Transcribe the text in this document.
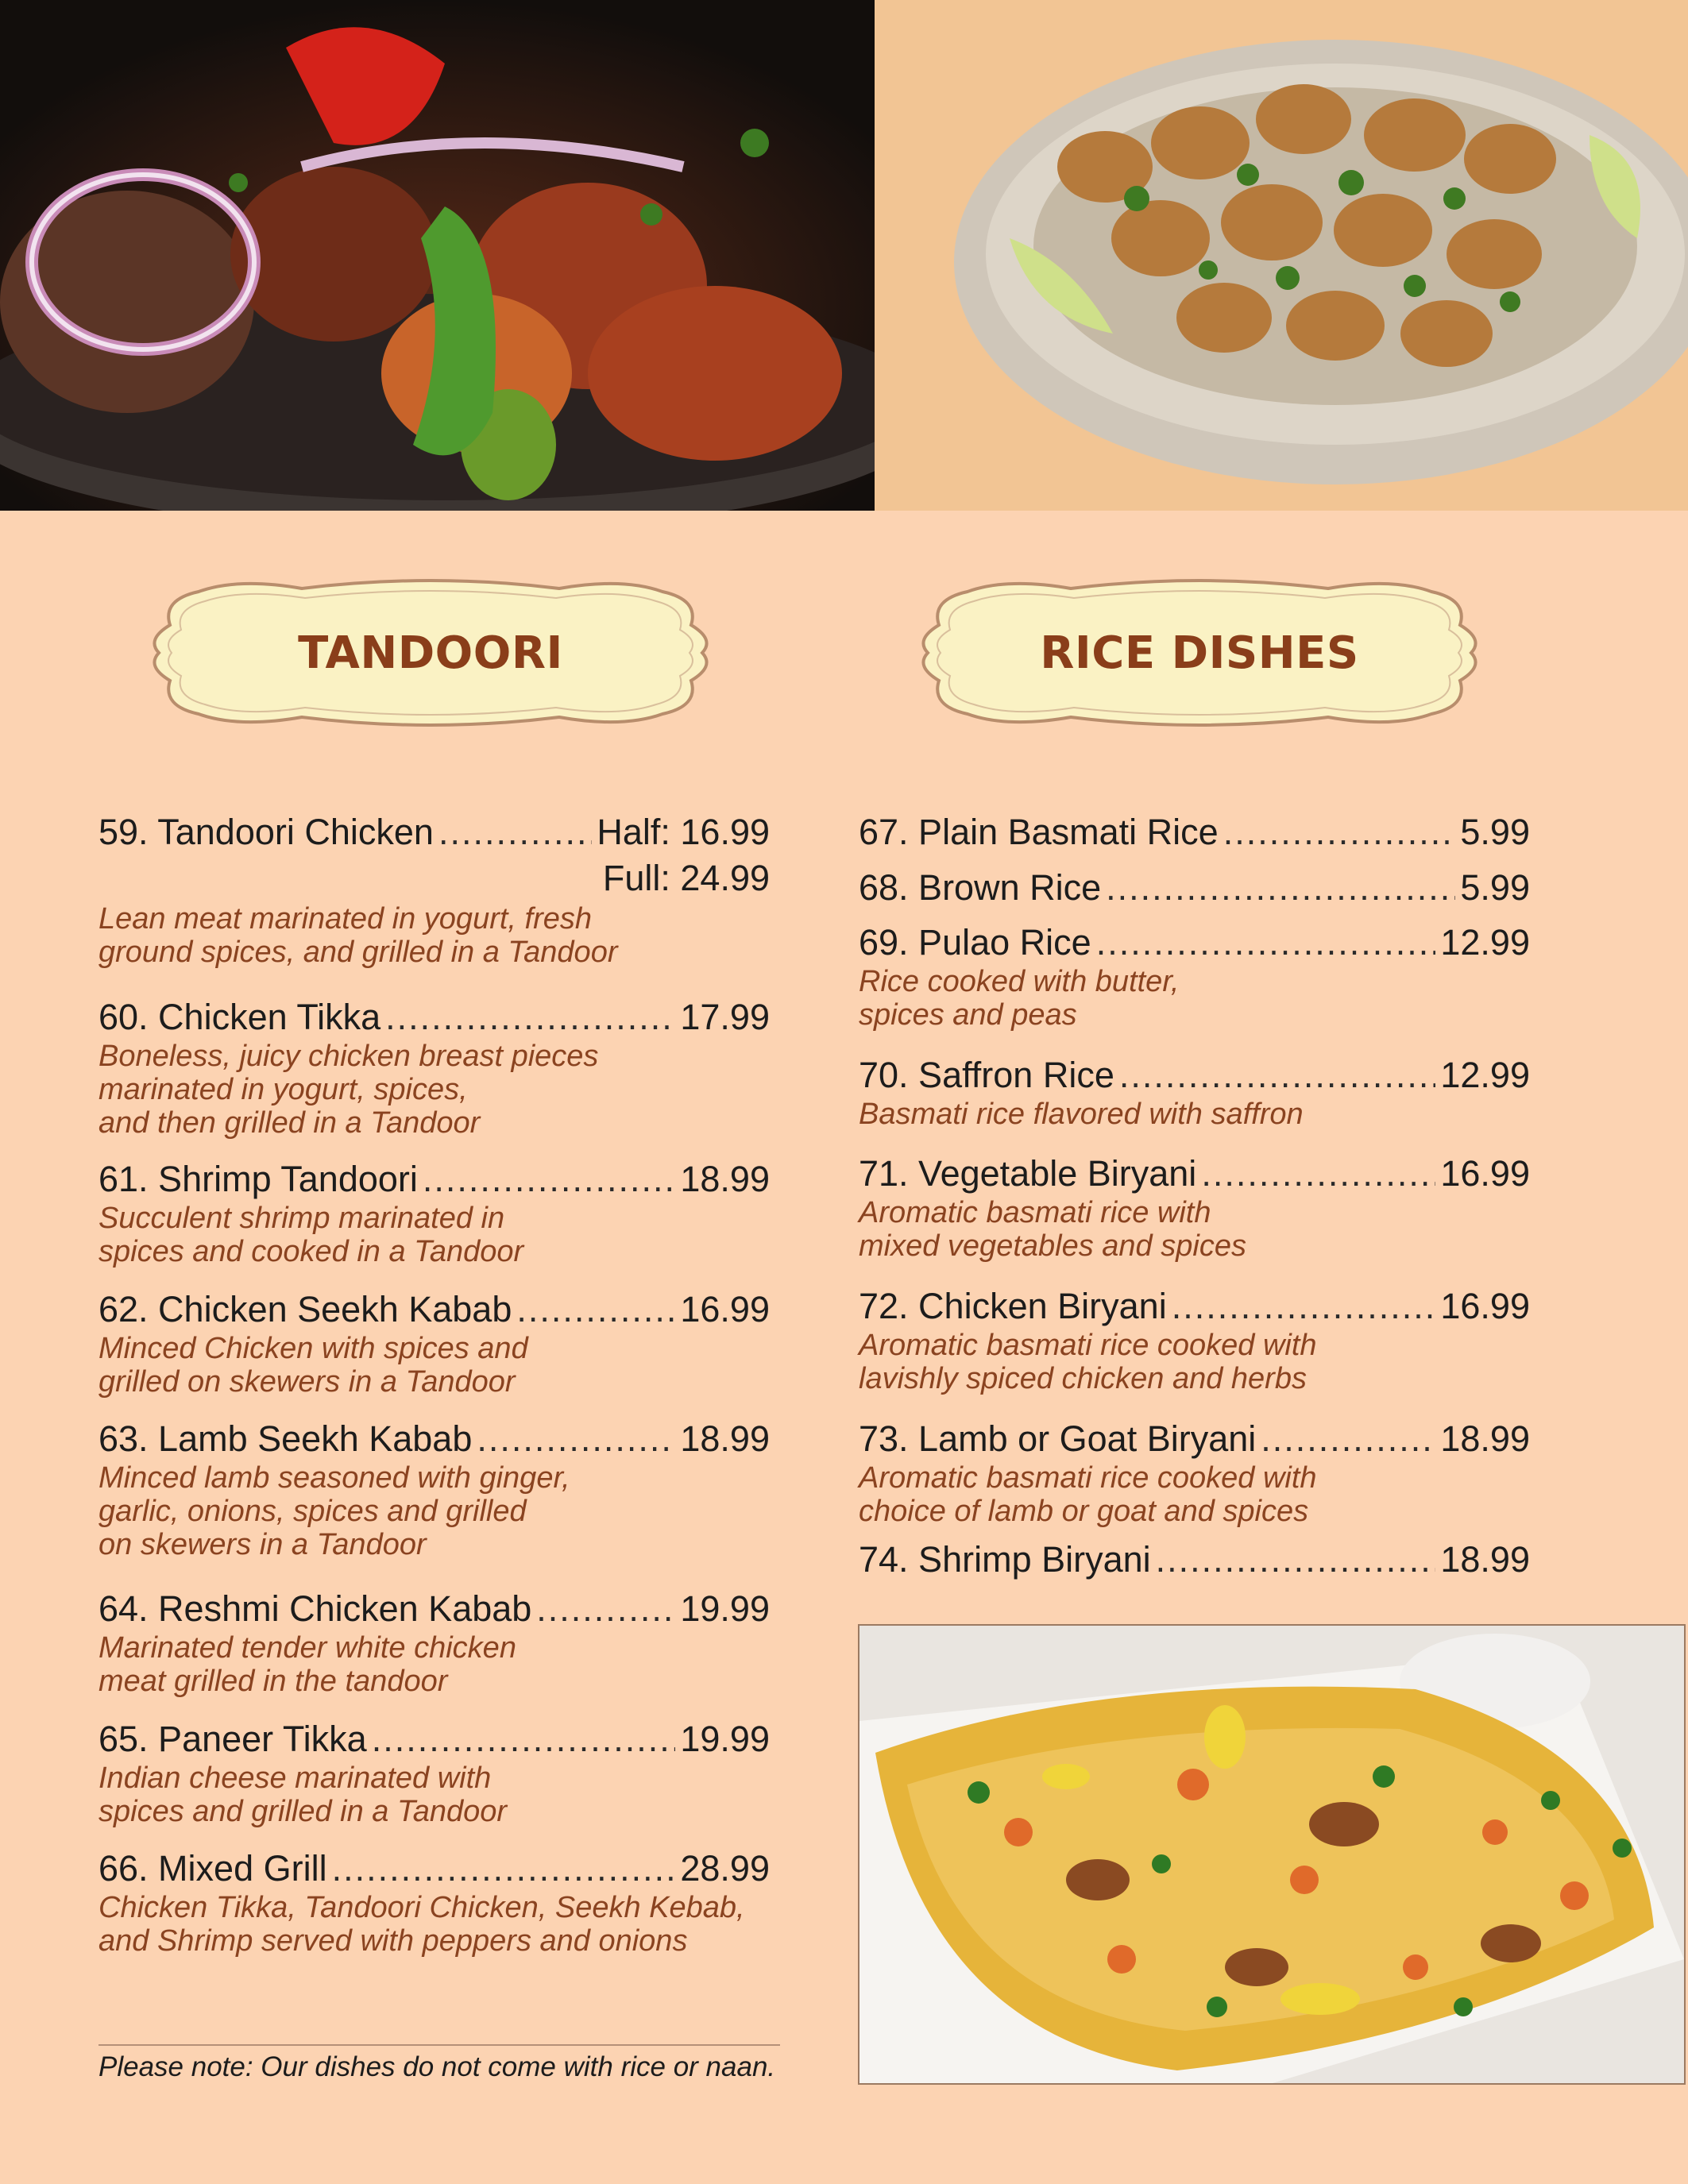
TANDOORI	RICE DISHES
59. Tandoori Chicken .....	Half: 16.99
Full: 24.99
Lean meat marinated in yogurt, fresh
ground spices, and grilled in a Tandoor
60. Chicken Tikka .....	17.99
Boneless, juicy chicken breast pieces
marinated in yogurt, spices,
and then grilled in a Tandoor
61. Shrimp Tandoori .....	18.99
Succulent shrimp marinated in
spices and cooked in a Tandoor
62. Chicken Seekh Kabab .....	16.99
Minced Chicken with spices and
grilled on skewers in a Tandoor
63. Lamb Seekh Kabab .....	18.99
Minced lamb seasoned with ginger,
garlic, onions, spices and grilled
on skewers in a Tandoor
64. Reshmi Chicken Kabab .....	19.99
Marinated tender white chicken
meat grilled in the tandoor
65. Paneer Tikka .....	19.99
Indian cheese marinated with
spices and grilled in a Tandoor
66. Mixed Grill .....	28.99
Chicken Tikka, Tandoori Chicken, Seekh Kebab,
and Shrimp served with peppers and onions
Please note: Our dishes do not come with rice or naan.
67. Plain Basmati Rice .....	5.99
68. Brown Rice .....	5.99
69. Pulao Rice .....	12.99
Rice cooked with butter,
spices and peas
70. Saffron Rice .....	12.99
Basmati rice flavored with saffron
71. Vegetable Biryani .....	16.99
Aromatic basmati rice with
mixed vegetables and spices
72. Chicken Biryani .....	16.99
Aromatic basmati rice cooked with
lavishly spiced chicken and herbs
73. Lamb or Goat Biryani .....	18.99
Aromatic basmati rice cooked with
choice of lamb or goat and spices
74. Shrimp Biryani .....	18.99
